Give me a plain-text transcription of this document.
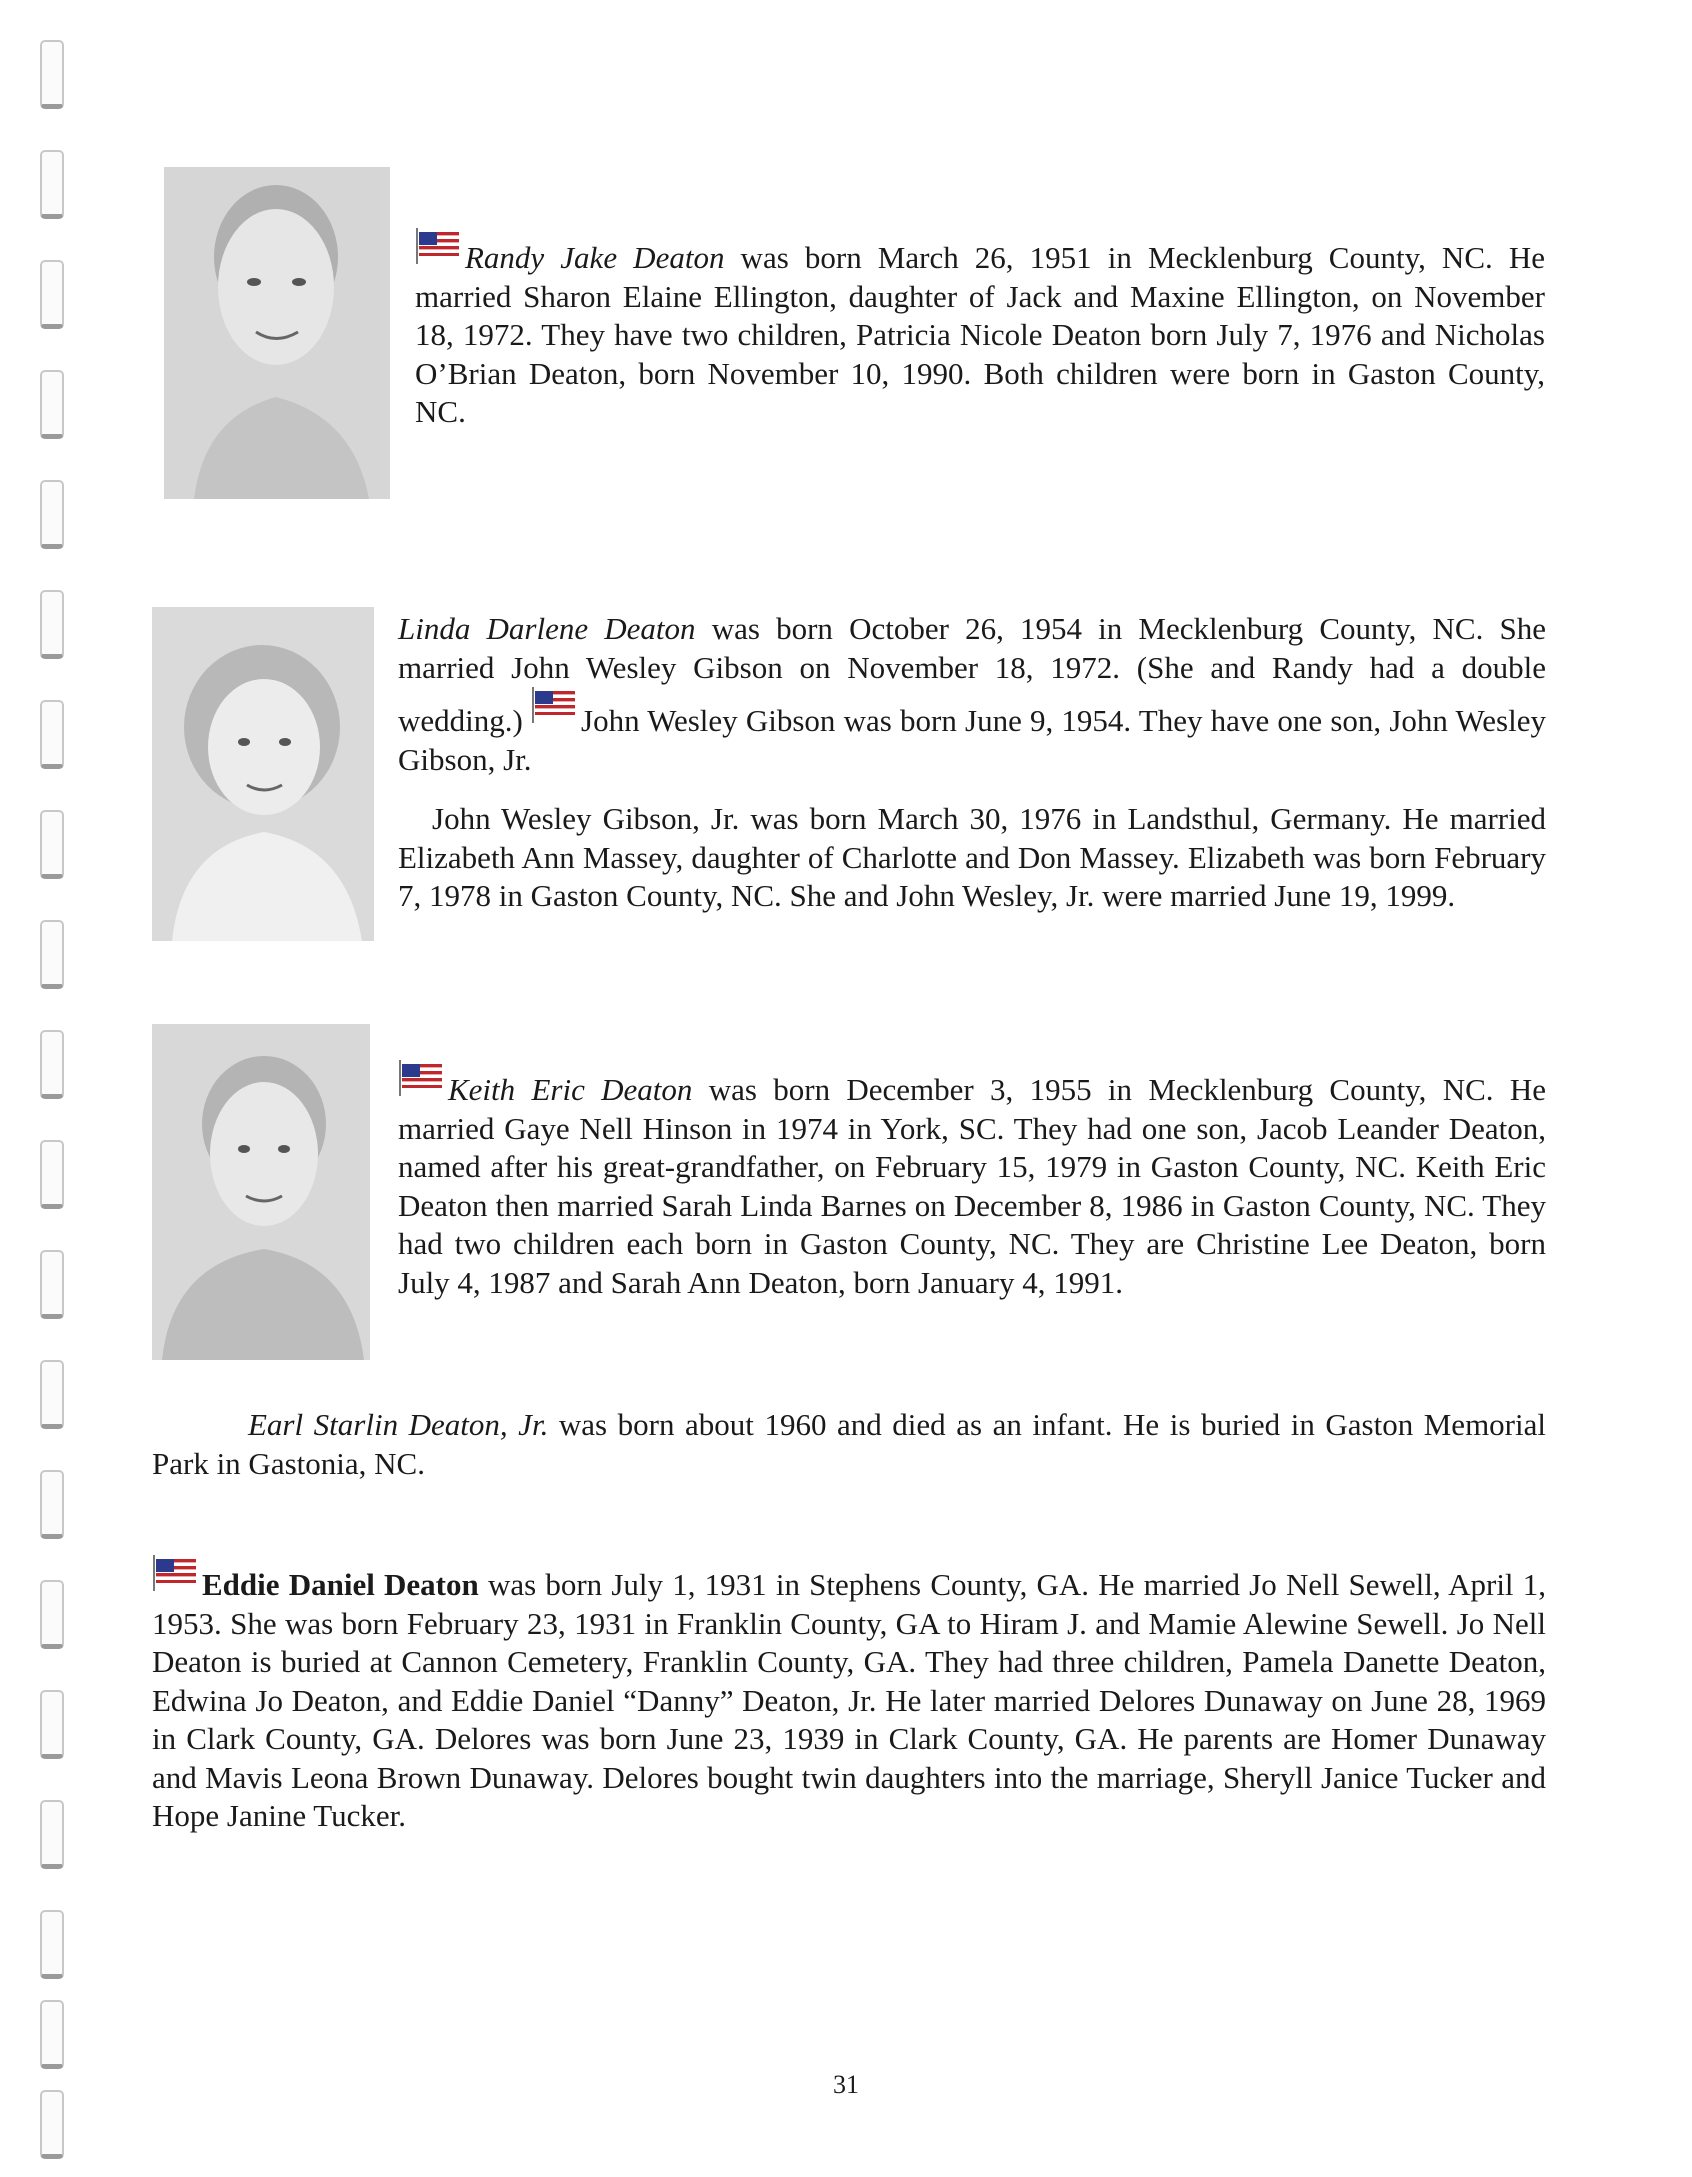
Randy Jake Deaton was born March 26, 1951 in Mecklenburg County, NC. He married Sharon Elaine Ellington, daughter of Jack and Maxine Ellington, on November 18, 1972. They have two children, Patricia Nicole Deaton born July 7, 1976 and Nicholas O’Brian Deaton, born November 10, 1990. Both children were born in Gaston County, NC.

Linda Darlene Deaton was born October 26, 1954 in Mecklenburg County, NC. She married John Wesley Gibson on November 18, 1972. (She and Randy had a double wedding.)
John Wesley Gibson was born June 9, 1954. They have one son, John Wesley Gibson, Jr.

John Wesley Gibson, Jr. was born March 30, 1976 in Landsthul, Germany. He married Elizabeth Ann Massey, daughter of Charlotte and Don Massey. Elizabeth was born February 7, 1978 in Gaston County, NC. She and John Wesley, Jr. were married June 19, 1999.

Keith Eric Deaton was born December 3, 1955 in Mecklenburg County, NC. He married Gaye Nell Hinson in 1974 in York, SC. They had one son, Jacob Leander Deaton, named after his great-grandfather, on February 15, 1979 in Gaston County, NC. Keith Eric Deaton then married Sarah Linda Barnes on December 8, 1986 in Gaston County, NC. They had two children each born in Gaston County, NC. They are Christine Lee Deaton, born July 4, 1987 and Sarah Ann Deaton, born January 4, 1991.

Earl Starlin Deaton, Jr. was born about 1960 and died as an infant. He is buried in Gaston Memorial Park in Gastonia, NC.

Eddie Daniel Deaton was born July 1, 1931 in Stephens County, GA. He married Jo Nell Sewell, April 1, 1953. She was born February 23, 1931 in Franklin County, GA to Hiram J. and Mamie Alewine Sewell. Jo Nell Deaton is buried at Cannon Cemetery, Franklin County, GA. They had three children, Pamela Danette Deaton, Edwina Jo Deaton, and Eddie Daniel “Danny” Deaton, Jr. He later married Delores Dunaway on June 28, 1969 in Clark County, GA. Delores was born June 23, 1939 in Clark County, GA. He parents are Homer Dunaway and Mavis Leona Brown Dunaway. Delores bought twin daughters into the marriage, Sheryll Janice Tucker and Hope Janine Tucker.

31
